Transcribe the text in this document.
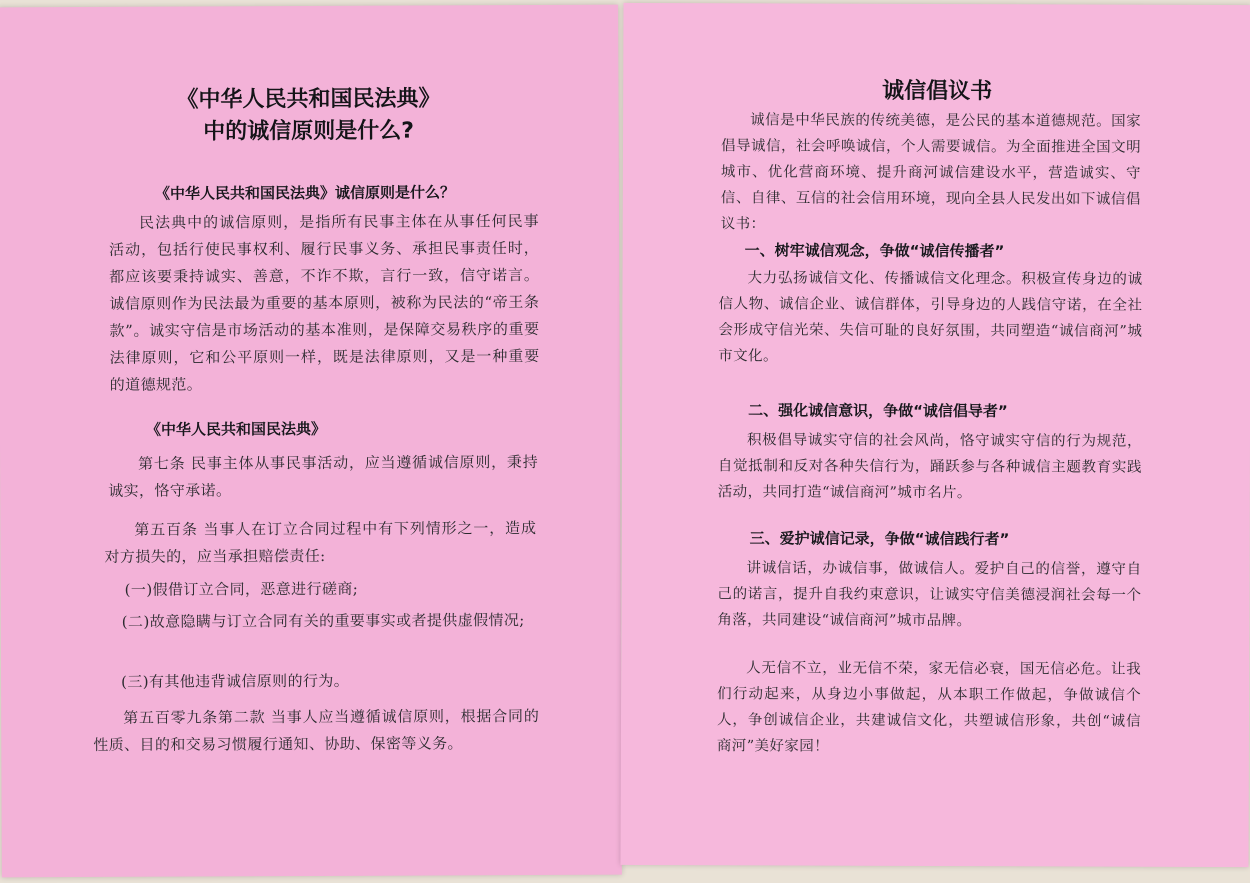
《中华人民共和国民法典》
中的诚信原则是什么?

《中华人民共和国民法典》诚信原则是什么？

民法典中的诚信原则，是指所有民事主体在从事任何民事活动，包括行使民事权利、履行民事义务、承担民事责任时，都应该要秉持诚实、善意，不诈不欺，言行一致，信守诺言。诚信原则作为民法最为重要的基本原则，被称为民法的“帝王条款”。诚实守信是市场活动的基本准则，是保障交易秩序的重要法律原则，它和公平原则一样，既是法律原则，又是一种重要的道德规范。

《中华人民共和国民法典》

第七条 民事主体从事民事活动，应当遵循诚信原则，秉持诚实，恪守承诺。

第五百条 当事人在订立合同过程中有下列情形之一，造成对方损失的，应当承担赔偿责任:

(一)假借订立合同，恶意进行磋商;

(二)故意隐瞒与订立合同有关的重要事实或者提供虚假情况;

(三)有其他违背诚信原则的行为。

第五百零九条第二款 当事人应当遵循诚信原则，根据合同的性质、目的和交易习惯履行通知、协助、保密等义务。

诚信倡议书

诚信是中华民族的传统美德，是公民的基本道德规范。国家倡导诚信，社会呼唤诚信，个人需要诚信。为全面推进全国文明城市、优化营商环境、提升商河诚信建设水平，营造诚实、守信、自律、互信的社会信用环境，现向全县人民发出如下诚信倡议书：

一、树牢诚信观念，争做“诚信传播者”

大力弘扬诚信文化、传播诚信文化理念。积极宣传身边的诚信人物、诚信企业、诚信群体，引导身边的人践信守诺，在全社会形成守信光荣、失信可耻的良好氛围，共同塑造“诚信商河”城市文化。

二、强化诚信意识，争做“诚信倡导者”

积极倡导诚实守信的社会风尚，恪守诚实守信的行为规范，自觉抵制和反对各种失信行为，踊跃参与各种诚信主题教育实践活动，共同打造“诚信商河”城市名片。

三、爱护诚信记录，争做“诚信践行者”

讲诚信话，办诚信事，做诚信人。爱护自己的信誉，遵守自己的诺言，提升自我约束意识，让诚实守信美德浸润社会每一个角落，共同建设“诚信商河”城市品牌。

人无信不立，业无信不荣，家无信必衰，国无信必危。让我们行动起来，从身边小事做起，从本职工作做起，争做诚信个人，争创诚信企业，共建诚信文化，共塑诚信形象，共创“诚信商河”美好家园！
